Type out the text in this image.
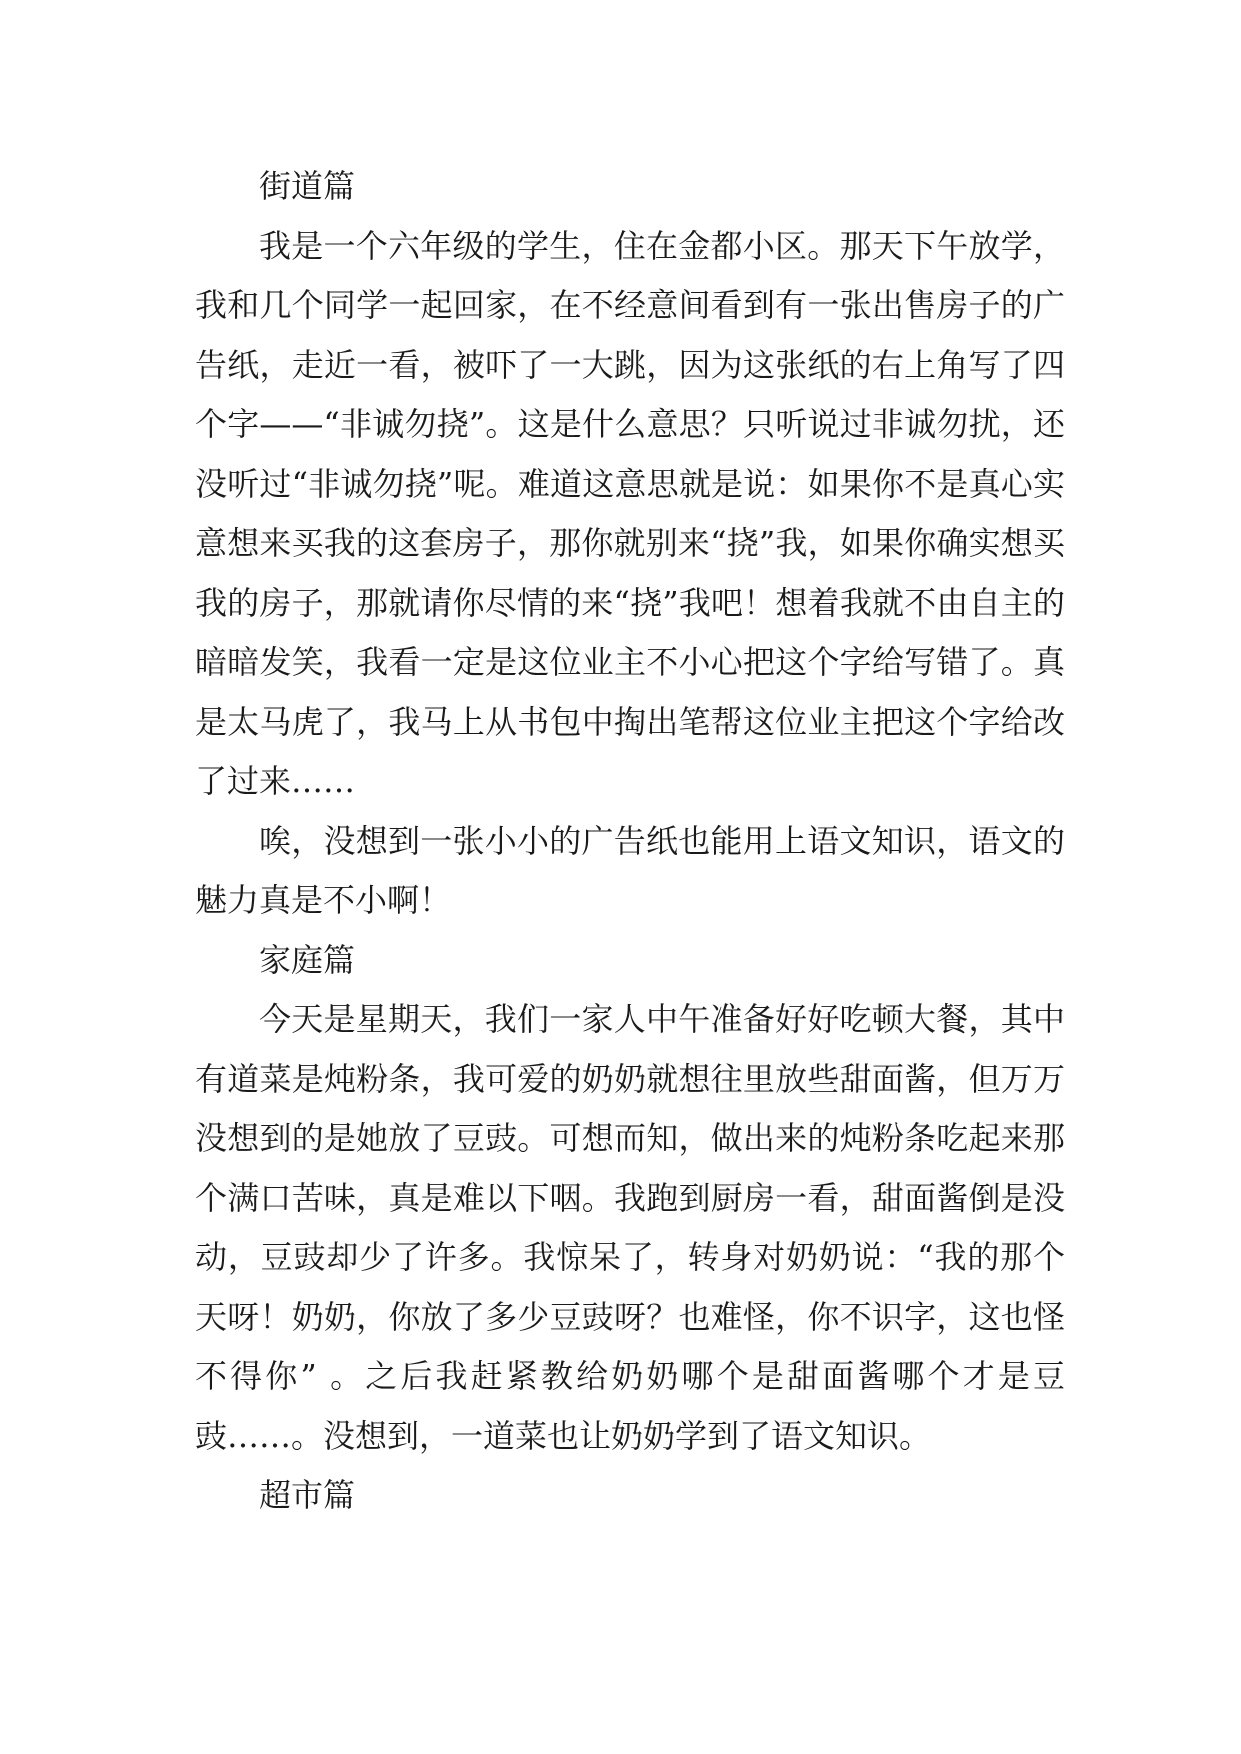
街道篇

我是一个六年级的学生，住在金都小区。那天下午放学，我和几个同学一起回家，在不经意间看到有一张出售房子的广告纸，走近一看，被吓了一大跳，因为这张纸的右上角写了四个字——“非诚勿挠”。这是什么意思？只听说过非诚勿扰，还没听过“非诚勿挠”呢。难道这意思就是说：如果你不是真心实意想来买我的这套房子，那你就别来“挠”我，如果你确实想买我的房子，那就请你尽情的来“挠”我吧！想着我就不由自主的暗暗发笑，我看一定是这位业主不小心把这个字给写错了。真是太马虎了，我马上从书包中掏出笔帮这位业主把这个字给改了过来……

唉，没想到一张小小的广告纸也能用上语文知识，语文的魅力真是不小啊！

家庭篇

今天是星期天，我们一家人中午准备好好吃顿大餐，其中有道菜是炖粉条，我可爱的奶奶就想往里放些甜面酱，但万万没想到的是她放了豆豉。可想而知，做出来的炖粉条吃起来那个满口苦味，真是难以下咽。我跑到厨房一看，甜面酱倒是没动，豆豉却少了许多。我惊呆了，转身对奶奶说：“我的那个天呀！奶奶，你放了多少豆豉呀？也难怪，你不识字，这也怪不得你” 。之后我赶紧教给奶奶哪个是甜面酱哪个才是豆豉……。没想到，一道菜也让奶奶学到了语文知识。

超市篇
